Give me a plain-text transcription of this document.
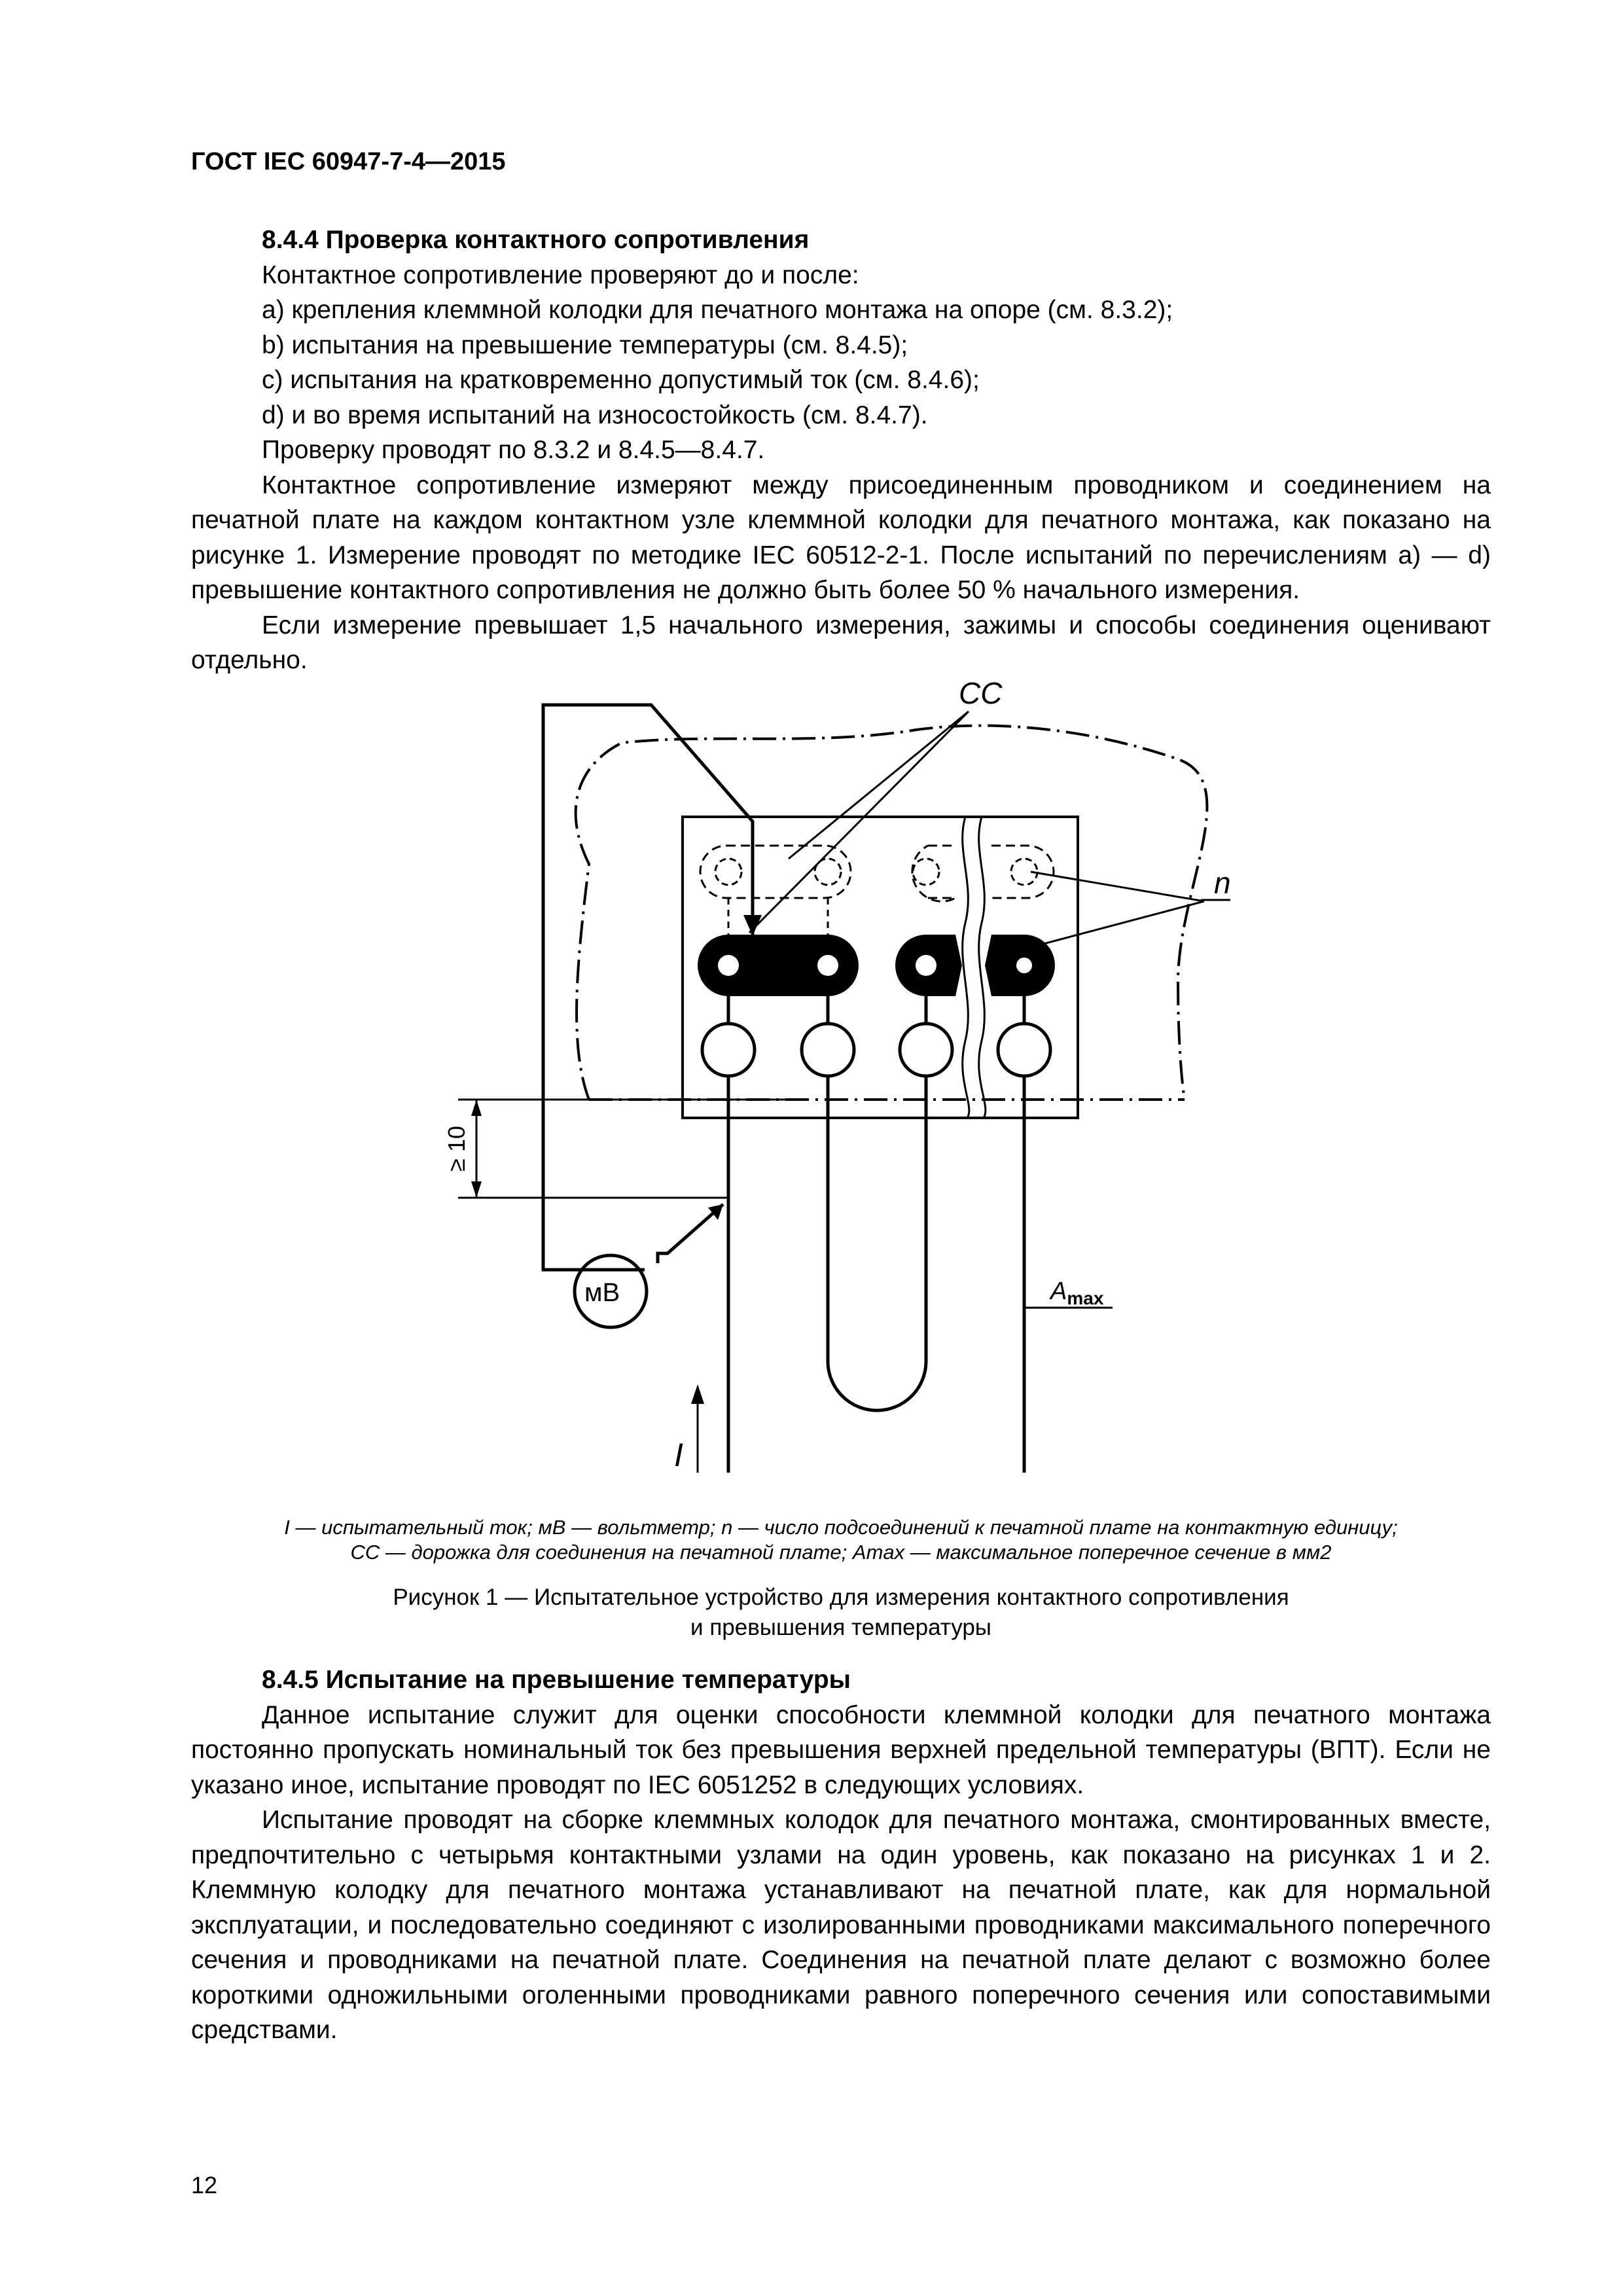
ГОСТ IEC 60947-7-4—2015
8.4.4 Проверка контактного сопротивления
Контактное сопротивление проверяют до и после:
a) крепления клеммной колодки для печатного монтажа на опоре (см. 8.3.2);
b) испытания на превышение температуры (см. 8.4.5);
c) испытания на кратковременно допустимый ток (см. 8.4.6);
d) и во время испытаний на износостойкость (см. 8.4.7).
Проверку проводят по 8.3.2 и 8.4.5—8.4.7.
Контактное сопротивление измеряют между присоединенным проводником и соединением на печатной плате на каждом контактном узле клеммной колодки для печатного монтажа, как показано на рисунке 1. Измерение проводят по методике IEC 60512-2-1. После испытаний по перечислениям a) — d) превышение контактного сопротивления не должно быть более 50 % начального измерения.
Если измерение превышает 1,5 начального измерения, зажимы и способы соединения оценивают отдельно.
CC
n
мВ
≥ 10
$A_{max}$
I
I — испытательный ток; мВ — вольтметр; n — число подсоединений к печатной плате на контактную единицу;
CC — дорожка для соединения на печатной плате; Amax — максимальное поперечное сечение в мм2
Рисунок 1 — Испытательное устройство для измерения контактного сопротивления
и превышения температуры
8.4.5 Испытание на превышение температуры
Данное испытание служит для оценки способности клеммной колодки для печатного монтажа постоянно пропускать номинальный ток без превышения верхней предельной температуры (ВПТ). Если не указано иное, испытание проводят по IEC 6051252 в следующих условиях.
Испытание проводят на сборке клеммных колодок для печатного монтажа, смонтированных вместе, предпочтительно с четырьмя контактными узлами на один уровень, как показано на рисунках 1 и 2. Клеммную колодку для печатного монтажа устанавливают на печатной плате, как для нормальной эксплуатации, и последовательно соединяют с изолированными проводниками максимального поперечного сечения и проводниками на печатной плате. Соединения на печатной плате делают с возможно более короткими одножильными оголенными проводниками равного поперечного сечения или сопоставимыми средствами.
12
